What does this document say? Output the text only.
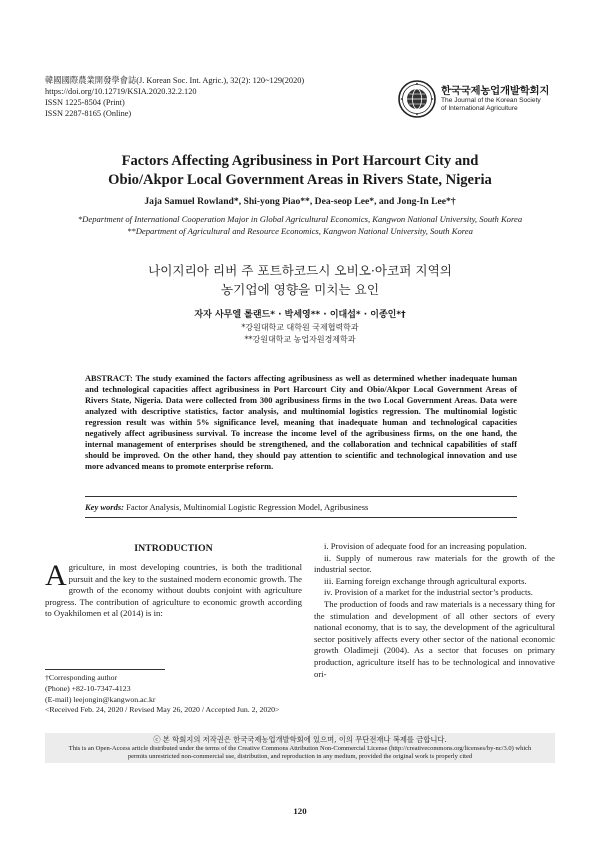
韓國國際農業開發學會誌(J. Korean Soc. Int. Agric.), 32(2): 120~129(2020)
https://doi.org/10.12719/KSIA.2020.32.2.120
ISSN 1225-8504 (Print)
ISSN 2287-8165 (Online)
한국국제농업개발학회지
The Journal of the Korean Society
of International Agriculture
Factors Affecting Agribusiness in Port Harcourt City and
Obio/Akpor Local Government Areas in Rivers State, Nigeria
Jaja Samuel Rowland*, Shi-yong Piao**, Dea-seop Lee*, and Jong-In Lee*†
*Department of International Cooperation Major in Global Agricultural Economics, Kangwon National University, South Korea
**Department of Agricultural and Resource Economics, Kangwon National University, South Korea
나이지리아 리버 주 포트하코드시 오비오·아코퍼 지역의
농기업에 영향을 미치는 요인
자자 사무엘 롤랜드* · 박세영** · 이대섭* · 이종인*†
*강원대학교 대학원 국제협력학과
**강원대학교 농업자원경제학과
ABSTRACT: The study examined the factors affecting agribusiness as well as determined whether inadequate human and technological capacities affect agribusiness in Port Harcourt City and Obio/Akpor Local Government Areas of Rivers State, Nigeria. Data were collected from 300 agribusiness firms in the two Local Government Areas. Data were analyzed with descriptive statistics, factor analysis, and multinomial logistics regression. The multinomial logistic regression result was within 5% significance level, meaning that inadequate human and technological capacities negatively affect agribusiness survival. To increase the income level of the agribusiness firms, on the one hand, the internal management of enterprises should be strengthened, and the collaboration and technical capabilities of staff should be improved. On the other hand, they should pay attention to scientific and technological innovation and use more advanced means to promote enterprise reform.
Key words: Factor Analysis, Multinomial Logistic Regression Model, Agribusiness
INTRODUCTION
Agriculture, in most developing countries, is both the traditional pursuit and the key to the sustained modern economic growth. The growth of the economy without doubts conjoint with agriculture progress. The contribution of agriculture to economic growth according to Oyakhilomen et al (2014) is in:
†Corresponding author
(Phone) +82-10-7347-4123
(E-mail) leejongin@kangwon.ac.kr
<Received Feb. 24, 2020 / Revised May 26, 2020 / Accepted Jun. 2, 2020>

i. Provision of adequate food for an increasing population.

ii. Supply of numerous raw materials for the growth of the industrial sector.

iii. Earning foreign exchange through agricultural exports.

iv. Provision of a market for the industrial sector’s products.

The production of foods and raw materials is a necessary thing for the stimulation and development of all other sectors of every national economy, that is to say, the development of the agricultural sector positively affects every other sector of the national economic growth Oladimeji (2004). As a sector that focuses on primary production, agriculture itself has to be technological and innovative ori-

ⓒ 본 학회지의 저작권은 한국국제농업개발학회에 있으며, 이의 무단전재나 복제를 금합니다.
This is an Open-Access article distributed under the terms of the Creative Commons Attribution Non-Commercial License (http://creativecommons.org/licenses/by-nc/3.0) which
permits unrestricted non-commercial use, distribution, and reproduction in any medium, provided the original work is properly cited
120
